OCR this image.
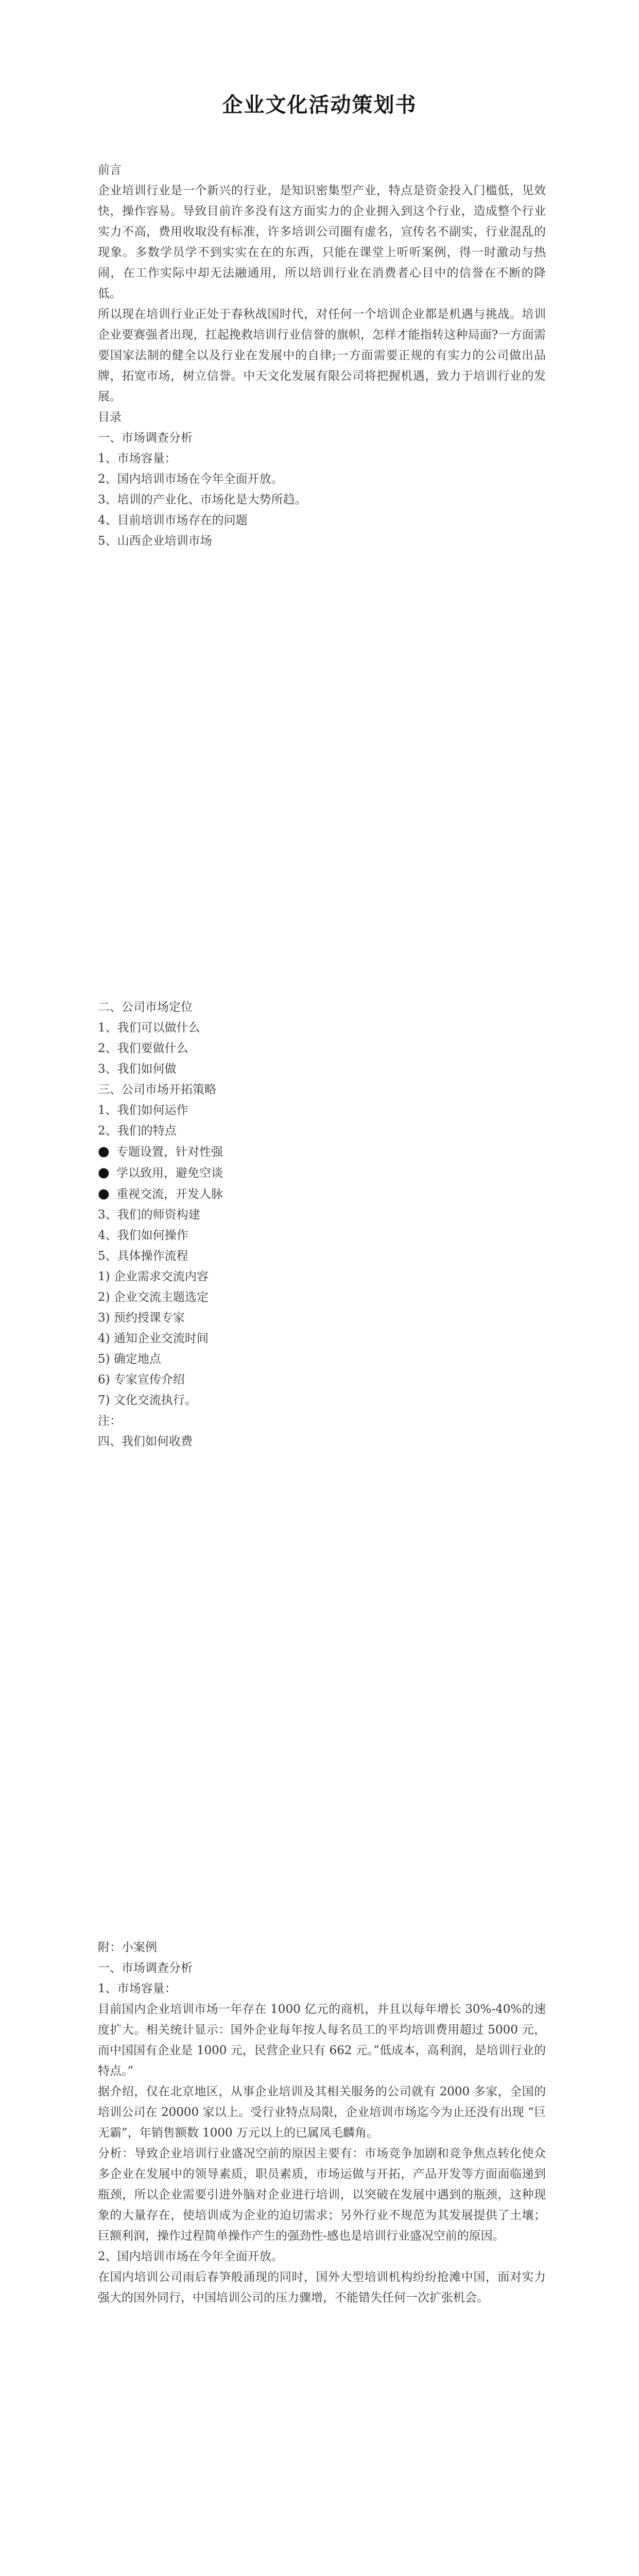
企业文化活动策划书

前言

企业培训行业是一个新兴的行业，是知识密集型产业，特点是资金投入门槛低，见效快，操作容易。导致目前许多没有这方面实力的企业拥入到这个行业，造成整个行业实力不高，费用收取没有标准，许多培训公司圈有虚名，宣传名不副实，行业混乱的现象。多数学员学不到实实在在的东西，只能在课堂上听听案例，得一时激动与热闹，在工作实际中却无法融通用，所以培训行业在消费者心目中的信誉在不断的降低。

所以现在培训行业正处于春秋战国时代，对任何一个培训企业都是机遇与挑战。培训企业要赛强者出现，扛起挽救培训行业信誉的旗帜，怎样才能指转这种局面?一方面需要国家法制的健全以及行业在发展中的自律;一方面需要正规的有实力的公司做出品牌，拓宽市场，树立信誉。中天文化发展有限公司将把握机遇，致力于培训行业的发展。

目录

一、市场调查分析

1、市场容量：

2、国内培训市场在今年全面开放。

3、培训的产业化、市场化是大势所趋。

4、目前培训市场存在的问题

5、山西企业培训市场

二、公司市场定位

1、我们可以做什么

2、我们要做什么

3、我们如何做

三、公司市场开拓策略

1、我们如何运作

2、我们的特点

● 专题设置，针对性强

● 学以致用，避免空谈

● 重视交流，开发人脉

3、我们的师资构建

4、我们如何操作

5、具体操作流程

1) 企业需求交流内容

2) 企业交流主题选定

3) 预约授课专家

4) 通知企业交流时间

5) 确定地点

6) 专家宣传介绍

7) 文化交流执行。

注：

四、我们如何收费

附：小案例

一、市场调查分析

1、市场容量：

目前国内企业培训市场一年存在 1000 亿元的商机，并且以每年增长 30%-40%的速度扩大。相关统计显示：国外企业每年按人每名员工的平均培训费用超过 5000 元，而中国国有企业是 1000 元，民营企业只有 662 元。”低成本，高利润，是培训行业的特点。”

据介绍，仅在北京地区，从事企业培训及其相关服务的公司就有 2000 多家，全国的培训公司在 20000 家以上。受行业特点局限，企业培训市场迄今为止还没有出现 “巨无霸”，年销售额数 1000 万元以上的已属凤毛麟角。

分析：导致企业培训行业盛况空前的原因主要有：市场竞争加剧和竞争焦点转化使众多企业在发展中的领导素质，职员素质，市场运做与开拓，产品开发等方面面临递到瓶颈，所以企业需要引进外脑对企业进行培训，以突破在发展中遇到的瓶颈，这种现象的大量存在，使培训成为企业的迫切需求；另外行业不规范为其发展提供了土壤；巨额利润，操作过程简单操作产生的强劲性-感也是培训行业盛况空前的原因。

2、国内培训市场在今年全面开放。

在国内培训公司雨后春笋般涌现的同时，国外大型培训机构纷纷抢滩中国，面对实力强大的国外同行，中国培训公司的压力骤增，不能错失任何一次扩张机会。
